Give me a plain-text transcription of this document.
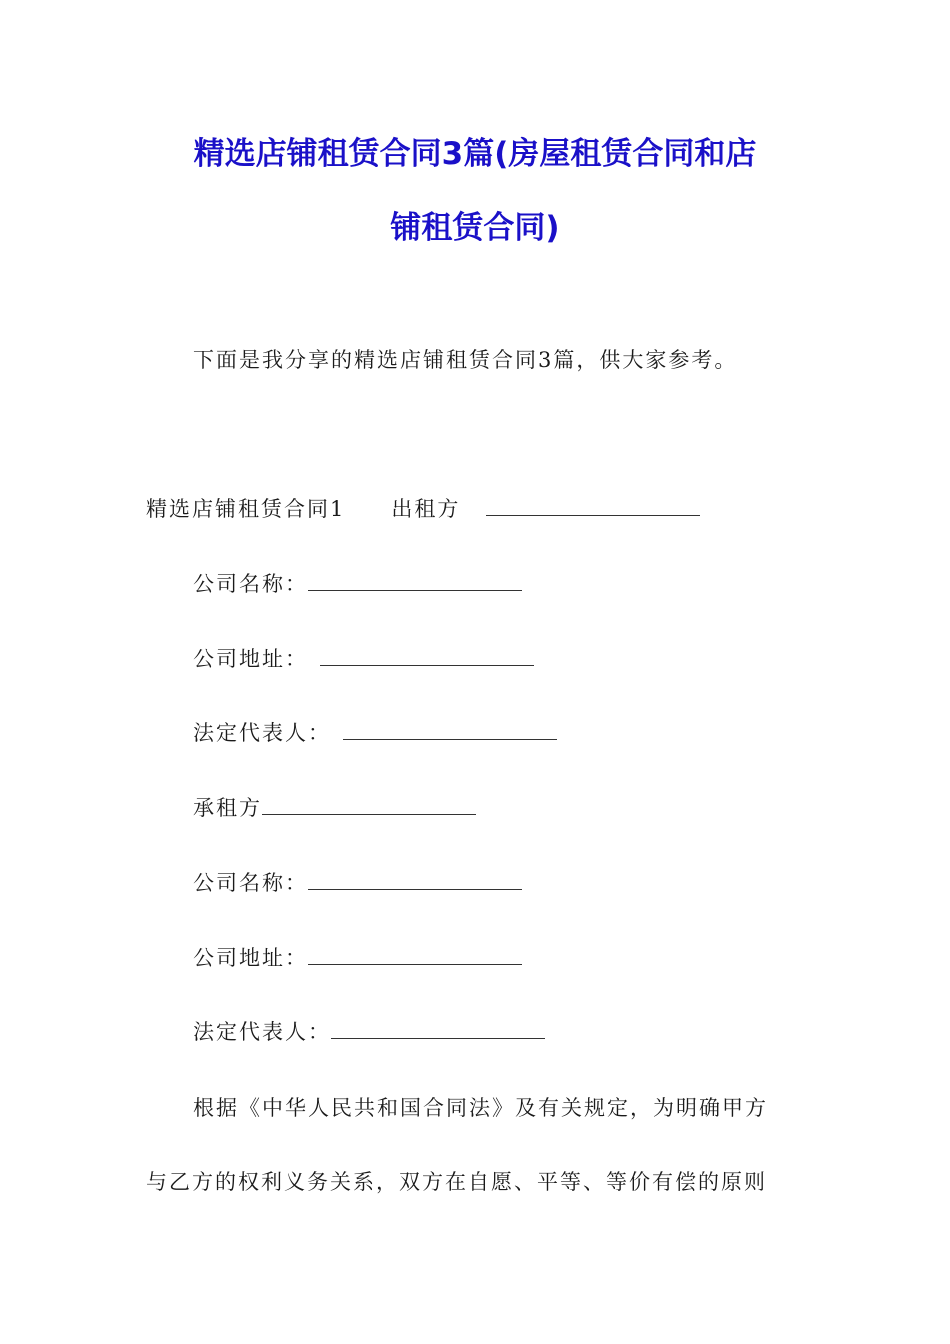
精选店铺租赁合同3篇(房屋租赁合同和店
铺租赁合同)
下面是我分享的精选店铺租赁合同3篇，供大家参考。
精选店铺租赁合同1 出租方
公司名称：
公司地址：
法定代表人：
承租方
公司名称：
公司地址：
法定代表人：
根据《中华人民共和国合同法》及有关规定，为明确甲方
与乙方的权利义务关系，双方在自愿、平等、等价有偿的原则
